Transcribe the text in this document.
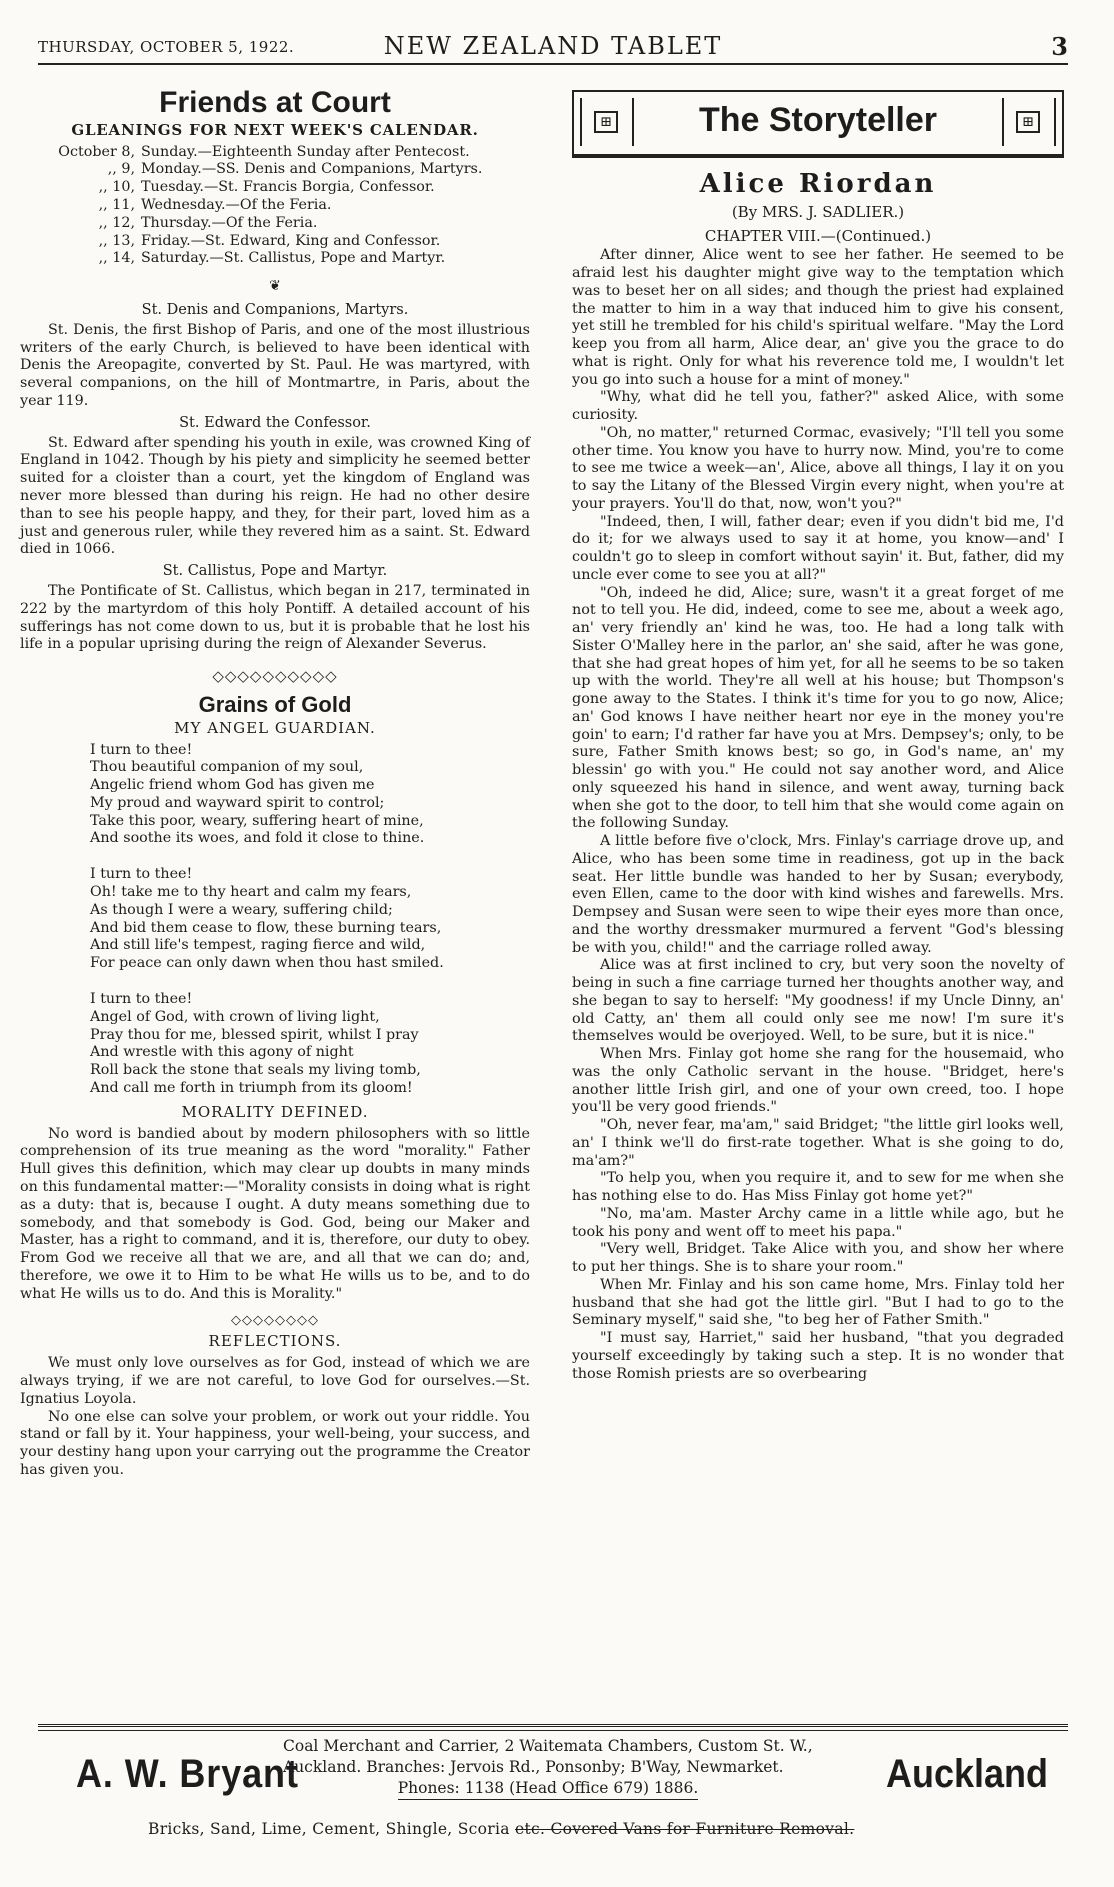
THURSDAY, OCTOBER 5, 1922.	NEW ZEALAND TABLET	3
Friends at Court
GLEANINGS FOR NEXT WEEK'S CALENDAR.
October 8, Sunday.—Eighteenth Sunday after Pentecost.
,, 9, Monday.—SS. Denis and Companions, Martyrs.
,, 10, Tuesday.—St. Francis Borgia, Confessor.
,, 11, Wednesday.—Of the Feria.
,, 12, Thursday.—Of the Feria.
,, 13, Friday.—St. Edward, King and Confessor.
,, 14, Saturday.—St. Callistus, Pope and Martyr.
❦
St. Denis and Companions, Martyrs.

St. Denis, the first Bishop of Paris, and one of the most illustrious writers of the early Church, is believed to have been identical with Denis the Areopagite, converted by St. Paul. He was martyred, with several companions, on the hill of Montmartre, in Paris, about the year 119.

St. Edward the Confessor.

St. Edward after spending his youth in exile, was crowned King of England in 1042. Though by his piety and simplicity he seemed better suited for a cloister than a court, yet the kingdom of England was never more blessed than during his reign. He had no other desire than to see his people happy, and they, for their part, loved him as a just and generous ruler, while they revered him as a saint. St. Edward died in 1066.

St. Callistus, Pope and Martyr.

The Pontificate of St. Callistus, which began in 217, terminated in 222 by the martyrdom of this holy Pontiff. A detailed account of his sufferings has not come down to us, but it is probable that he lost his life in a popular uprising during the reign of Alexander Severus.

◇◇◇◇◇◇◇◇◇◇
Grains of Gold
MY ANGEL GUARDIAN.
I turn to thee!
Thou beautiful companion of my soul,
Angelic friend whom God has given me
My proud and wayward spirit to control;
Take this poor, weary, suffering heart of mine,
And soothe its woes, and fold it close to thine.
I turn to thee!
Oh! take me to thy heart and calm my fears,
As though I were a weary, suffering child;
And bid them cease to flow, these burning tears,
And still life's tempest, raging fierce and wild,
For peace can only dawn when thou hast smiled.
I turn to thee!
Angel of God, with crown of living light,
Pray thou for me, blessed spirit, whilst I pray
And wrestle with this agony of night
Roll back the stone that seals my living tomb,
And call me forth in triumph from its gloom!
MORALITY DEFINED.

No word is bandied about by modern philosophers with so little comprehension of its true meaning as the word "morality." Father Hull gives this definition, which may clear up doubts in many minds on this fundamental matter:—"Morality consists in doing what is right as a duty: that is, because I ought. A duty means something due to somebody, and that somebody is God. God, being our Maker and Master, has a right to command, and it is, therefore, our duty to obey. From God we receive all that we are, and all that we can do; and, therefore, we owe it to Him to be what He wills us to be, and to do what He wills us to do. And this is Morality."

◇◇◇◇◇◇◇◇
REFLECTIONS.

We must only love ourselves as for God, instead of which we are always trying, if we are not careful, to love God for ourselves.—St. Ignatius Loyola.

No one else can solve your problem, or work out your riddle. You stand or fall by it. Your happiness, your well-being, your success, and your destiny hang upon your carrying out the programme the Creator has given you.

⊞	The Storyteller	⊞
Alice Riordan
(By MRS. J. SADLIER.)
CHAPTER VIII.—(Continued.)

After dinner, Alice went to see her father. He seemed to be afraid lest his daughter might give way to the temptation which was to beset her on all sides; and though the priest had explained the matter to him in a way that induced him to give his consent, yet still he trembled for his child's spiritual welfare. "May the Lord keep you from all harm, Alice dear, an' give you the grace to do what is right. Only for what his reverence told me, I wouldn't let you go into such a house for a mint of money."

"Why, what did he tell you, father?" asked Alice, with some curiosity.

"Oh, no matter," returned Cormac, evasively; "I'll tell you some other time. You know you have to hurry now. Mind, you're to come to see me twice a week—an', Alice, above all things, I lay it on you to say the Litany of the Blessed Virgin every night, when you're at your prayers. You'll do that, now, won't you?"

"Indeed, then, I will, father dear; even if you didn't bid me, I'd do it; for we always used to say it at home, you know—and' I couldn't go to sleep in comfort without sayin' it. But, father, did my uncle ever come to see you at all?"

"Oh, indeed he did, Alice; sure, wasn't it a great forget of me not to tell you. He did, indeed, come to see me, about a week ago, an' very friendly an' kind he was, too. He had a long talk with Sister O'Malley here in the parlor, an' she said, after he was gone, that she had great hopes of him yet, for all he seems to be so taken up with the world. They're all well at his house; but Thompson's gone away to the States. I think it's time for you to go now, Alice; an' God knows I have neither heart nor eye in the money you're goin' to earn; I'd rather far have you at Mrs. Dempsey's; only, to be sure, Father Smith knows best; so go, in God's name, an' my blessin' go with you." He could not say another word, and Alice only squeezed his hand in silence, and went away, turning back when she got to the door, to tell him that she would come again on the following Sunday.

A little before five o'clock, Mrs. Finlay's carriage drove up, and Alice, who has been some time in readiness, got up in the back seat. Her little bundle was handed to her by Susan; everybody, even Ellen, came to the door with kind wishes and farewells. Mrs. Dempsey and Susan were seen to wipe their eyes more than once, and the worthy dressmaker murmured a fervent "God's blessing be with you, child!" and the carriage rolled away.

Alice was at first inclined to cry, but very soon the novelty of being in such a fine carriage turned her thoughts another way, and she began to say to herself: "My goodness! if my Uncle Dinny, an' old Catty, an' them all could only see me now! I'm sure it's themselves would be overjoyed. Well, to be sure, but it is nice."

When Mrs. Finlay got home she rang for the housemaid, who was the only Catholic servant in the house. "Bridget, here's another little Irish girl, and one of your own creed, too. I hope you'll be very good friends."

"Oh, never fear, ma'am," said Bridget; "the little girl looks well, an' I think we'll do first-rate together. What is she going to do, ma'am?"

"To help you, when you require it, and to sew for me when she has nothing else to do. Has Miss Finlay got home yet?"

"No, ma'am. Master Archy came in a little while ago, but he took his pony and went off to meet his papa."

"Very well, Bridget. Take Alice with you, and show her where to put her things. She is to share your room."

When Mr. Finlay and his son came home, Mrs. Finlay told her husband that she had got the little girl. "But I had to go to the Seminary myself," said she, "to beg her of Father Smith."

"I must say, Harriet," said her husband, "that you degraded yourself exceedingly by taking such a step. It is no wonder that those Romish priests are so overbearing

A. W. Bryant
Coal Merchant and Carrier, 2 Waitemata Chambers, Custom St. W.,
Auckland. Branches: Jervois Rd., Ponsonby; B'Way, Newmarket.
Phones: 1138 (Head Office 679) 1886.	Auckland
Bricks, Sand, Lime, Cement, Shingle, Scoria etc. Covered Vans for Furniture Removal.
